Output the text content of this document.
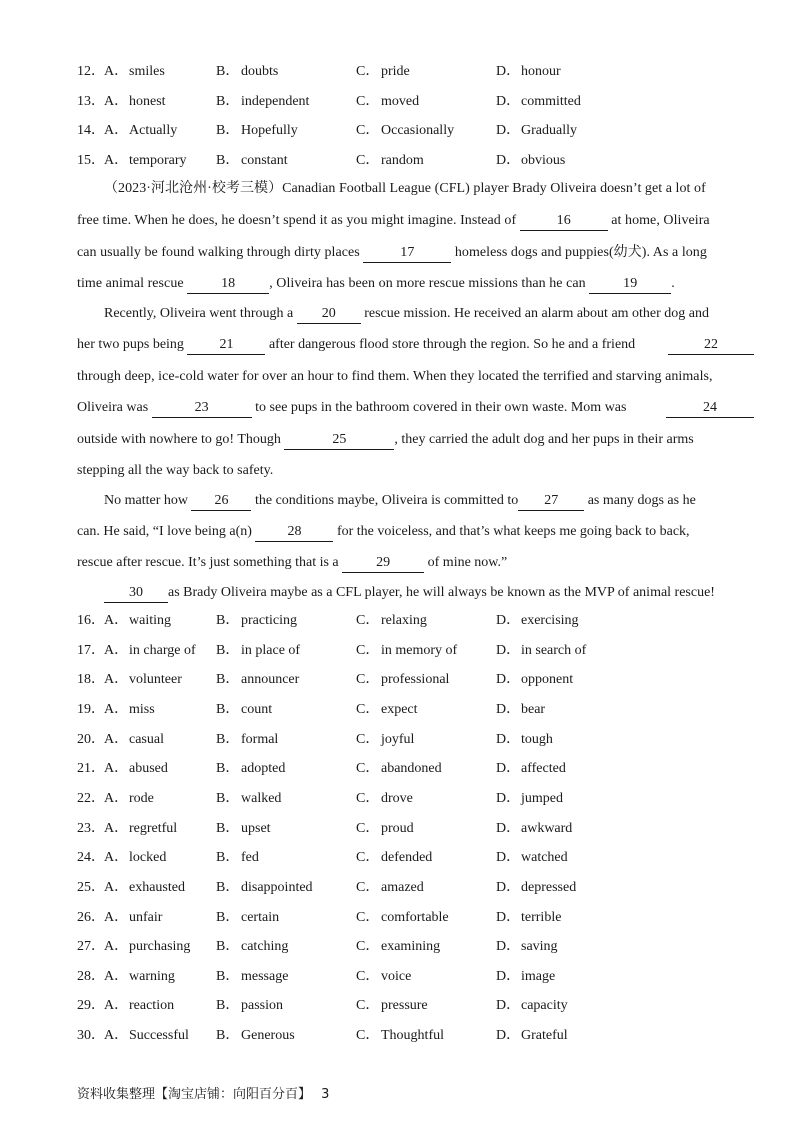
12． A．smiles	B． doubts	C． pride	D．honour
13． A．honest	B． independent	C． moved	D．committed
14． A．Actually	B． Hopefully	C． Occasionally	D．Gradually
15． A．temporary B． constant	C． random	D．obvious
（2023·河北沧州·校考三模）Canadian Football League (CFL) player Brady Oliveira doesn’t get a lot of
free time. When he does, he doesn’t spend it as you might imagine. Instead of	16	at home, Oliveira
can usually be found walking through dirty places	17	homeless dogs and puppies(幼犬). As a long
time animal rescue 18 , Oliveira has been on more rescue missions than he can 19 .
Recently, Oliveira went through a 20 rescue mission. He received an alarm about am other dog and
her two pups being 21 after dangerous flood store through the region. So he and a friend	22
through deep, ice-cold water for over an hour to find them. When they located the terrified and starving animals,
Oliveira was	23	to see pups in the bathroom covered in their own waste. Mom was	24
outside with nowhere to go! Though	25	, they carried the adult dog and her pups in their arms
stepping all the way back to safety.
No matter how 26 the conditions maybe, Oliveira is committed to 27 as many dogs as he
can. He said, “I love being a(n) 28 for the voiceless, and that’s what keeps me going back to back,
rescue after rescue. It’s just something that is a 29 of mine now.”
30 as Brady Oliveira maybe as a CFL player, he will always be known as the MVP of animal rescue!
16． A．waiting	B． practicing	C． relaxing	D．exercising
17． A．in charge of B． in place of	C． in memory of	D．in search of
18． A．volunteer B． announcer	C． professional	D．opponent
19． A．miss	B． count	C． expect	D．bear
20． A．casual	B． formal	C． joyful	D．tough
21． A．abused	B． adopted	C． abandoned	D．affected
22． A．rode	B． walked	C． drove	D．jumped
23． A．regretful	B． upset	C． proud	D．awkward
24． A．locked	B． fed	C． defended	D．watched
25． A．exhausted B． disappointed	C． amazed	D．depressed
26． A．unfair	B． certain	C． comfortable	D．terrible
27． A．purchasing B． catching	C． examining	D．saving
28． A．warning	B． message	C． voice	D．image
29． A．reaction	B． passion	C． pressure	D．capacity
30． A．Successful B． Generous	C． Thoughtful	D．Grateful
资料收集整理【淘宝店铺：向阳百分百】 3
